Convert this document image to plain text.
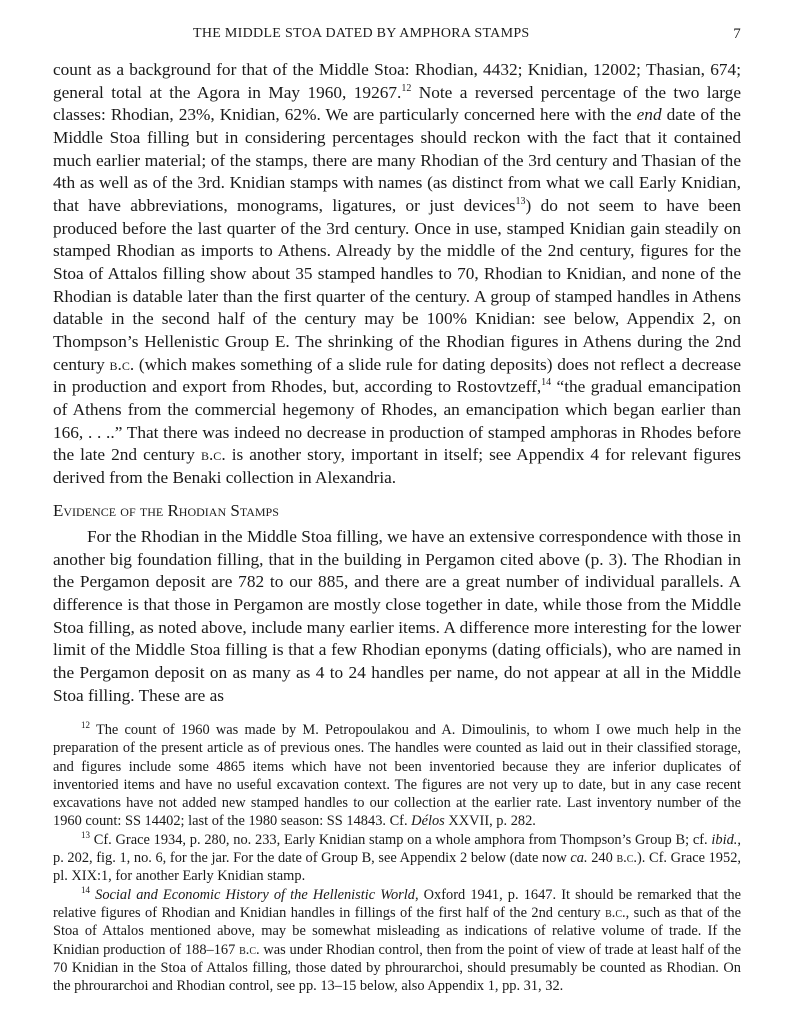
THE MIDDLE STOA DATED BY AMPHORA STAMPS	7

count as a background for that of the Middle Stoa: Rhodian, 4432; Knidian, 12002; Thasian, 674; general total at the Agora in May 1960, 19267.12 Note a reversed percentage of the two large classes: Rhodian, 23%, Knidian, 62%. We are particularly concerned here with the end date of the Middle Stoa filling but in considering percentages should reckon with the fact that it contained much earlier material; of the stamps, there are many Rhodian of the 3rd century and Thasian of the 4th as well as of the 3rd. Knidian stamps with names (as distinct from what we call Early Knidian, that have abbreviations, monograms, ligatures, or just devices$^{13}$) do not seem to have been produced before the last quarter of the 3rd century. Once in use, stamped Knidian gain steadily on stamped Rhodian as imports to Athens. Already by the middle of the 2nd century, figures for the Stoa of Attalos filling show about 35 stamped handles to 70, Rhodian to Knidian, and none of the Rhodian is datable later than the first quarter of the century. A group of stamped handles in Athens datable in the second half of the century may be 100% Knidian: see below, Appendix 2, on Thompson’s Hellenistic Group E. The shrinking of the Rhodian figures in Athens during the 2nd century b.c. (which makes something of a slide rule for dating deposits) does not reflect a decrease in production and export from Rhodes, but, according to Rostovtzeff,$^{14}$ “the gradual emancipation of Athens from the commercial hegemony of Rhodes, an emancipation which began earlier than 166, . . ..” That there was indeed no decrease in production of stamped amphoras in Rhodes before the late 2nd century b.c. is another story, important in itself; see Appendix 4 for relevant figures derived from the Benaki collection in Alexandria.

Evidence of the Rhodian Stamps

For the Rhodian in the Middle Stoa filling, we have an extensive correspondence with those in another big foundation filling, that in the building in Pergamon cited above (p. 3). The Rhodian in the Pergamon deposit are 782 to our 885, and there are a great number of individual parallels. A difference is that those in Pergamon are mostly close together in date, while those from the Middle Stoa filling, as noted above, include many earlier items. A difference more interesting for the lower limit of the Middle Stoa filling is that a few Rhodian eponyms (dating officials), who are named in the Pergamon deposit on as many as 4 to 24 handles per name, do not appear at all in the Middle Stoa filling. These are as

$^{12}$ The count of 1960 was made by M. Petropoulakou and A. Dimoulinis, to whom I owe much help in the preparation of the present article as of previous ones. The handles were counted as laid out in their classified storage, and figures include some 4865 items which have not been inventoried because they are inferior duplicates of inventoried items and have no useful excavation context. The figures are not very up to date, but in any case recent excavations have not added new stamped handles to our collection at the earlier rate. Last inventory number of the 1960 count: SS 14402; last of the 1980 season: SS 14843. Cf. Délos XXVII, p. 282.

$^{13}$ Cf. Grace 1934, p. 280, no. 233, Early Knidian stamp on a whole amphora from Thompson’s Group B; cf. ibid., p. 202, fig. 1, no. 6, for the jar. For the date of Group B, see Appendix 2 below (date now ca. 240 b.c.). Cf. Grace 1952, pl. XIX:1, for another Early Knidian stamp.

$^{14}$ Social and Economic History of the Hellenistic World, Oxford 1941, p. 1647. It should be remarked that the relative figures of Rhodian and Knidian handles in fillings of the first half of the 2nd century b.c., such as that of the Stoa of Attalos mentioned above, may be somewhat misleading as indications of relative volume of trade. If the Knidian production of 188–167 b.c. was under Rhodian control, then from the point of view of trade at least half of the 70 Knidian in the Stoa of Attalos filling, those dated by phrourarchoi, should presumably be counted as Rhodian. On the phrourarchoi and Rhodian control, see pp. 13–15 below, also Appendix 1, pp. 31, 32.
